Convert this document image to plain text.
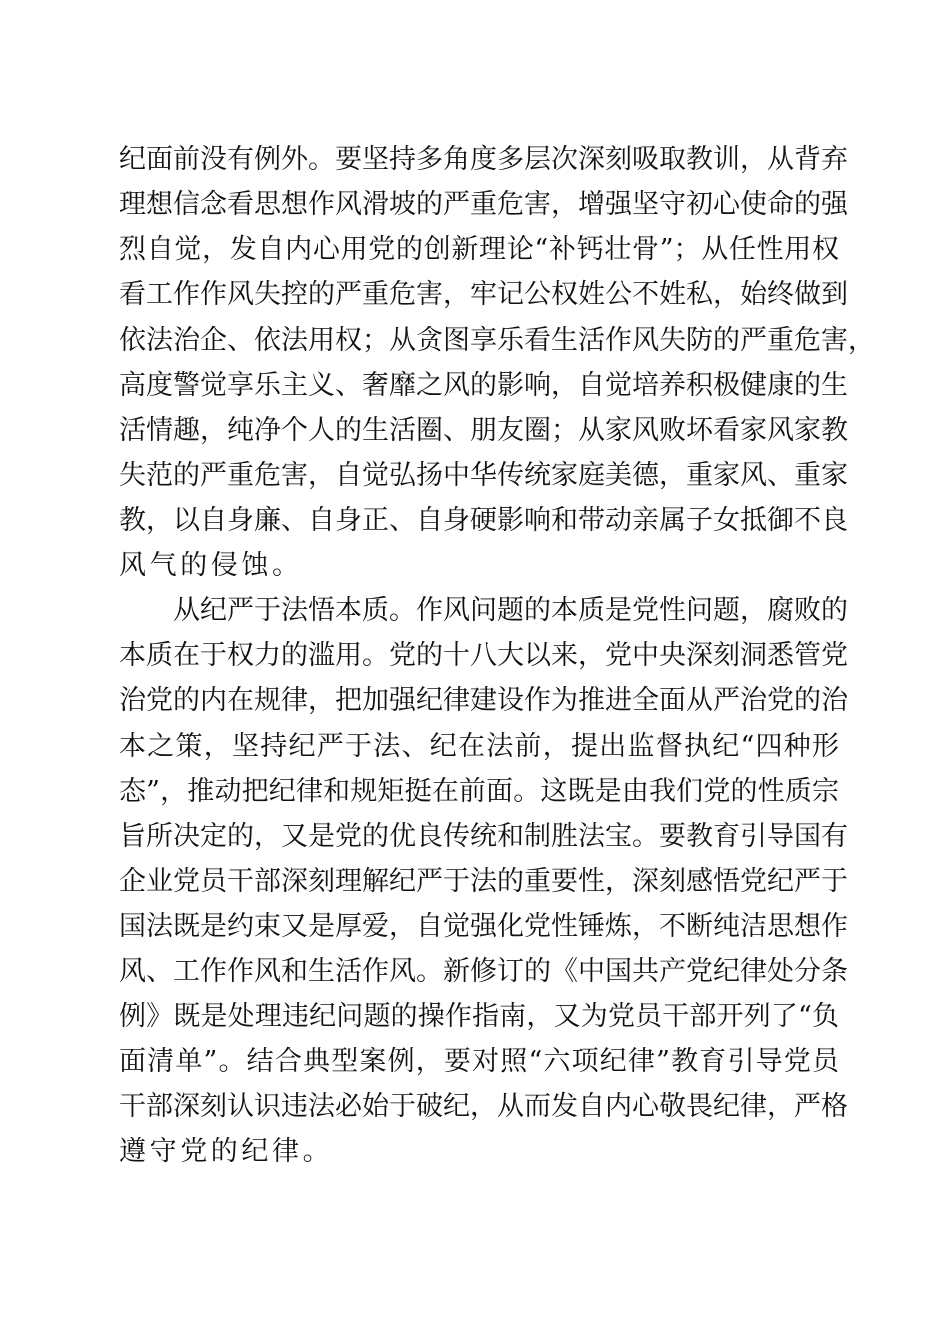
纪面前没有例外。要坚持多角度多层次深刻吸取教训，从背弃
理想信念看思想作风滑坡的严重危害，增强坚守初心使命的强
烈自觉，发自内心用党的创新理论“补钙壮骨”；从任性用权
看工作作风失控的严重危害，牢记公权姓公不姓私，始终做到
依法治企、依法用权；从贪图享乐看生活作风失防的严重危害，
高度警觉享乐主义、奢靡之风的影响，自觉培养积极健康的生
活情趣，纯净个人的生活圈、朋友圈；从家风败坏看家风家教
失范的严重危害，自觉弘扬中华传统家庭美德，重家风、重家
教，以自身廉、自身正、自身硬影响和带动亲属子女抵御不良
风气的侵蚀。
从纪严于法悟本质。作风问题的本质是党性问题，腐败的
本质在于权力的滥用。党的十八大以来，党中央深刻洞悉管党
治党的内在规律，把加强纪律建设作为推进全面从严治党的治
本之策，坚持纪严于法、纪在法前，提出监督执纪“四种形
态”，推动把纪律和规矩挺在前面。这既是由我们党的性质宗
旨所决定的，又是党的优良传统和制胜法宝。要教育引导国有
企业党员干部深刻理解纪严于法的重要性，深刻感悟党纪严于
国法既是约束又是厚爱，自觉强化党性锤炼，不断纯洁思想作
风、工作作风和生活作风。新修订的《中国共产党纪律处分条
例》既是处理违纪问题的操作指南，又为党员干部开列了“负
面清单”。结合典型案例，要对照“六项纪律”教育引导党员
干部深刻认识违法必始于破纪，从而发自内心敬畏纪律，严格
遵守党的纪律。
